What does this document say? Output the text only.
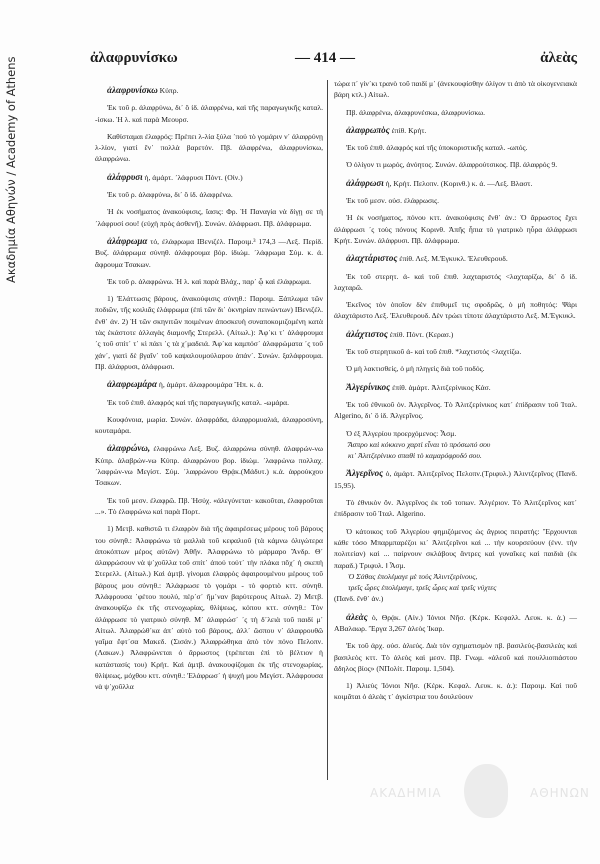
Ακαδημία Αθηνών / Academy of Athens	ἀλαφρυνίσκω	— 414 —	ἀλεὰς
ἀλαφρυνίσκω Κύπρ.
Ἐκ τοῦ ρ. ἀλαφρύνω, δι᾿ ὃ ἰδ. ἀλαφρένω, καὶ τῆς παραγωγικῆς καταλ. -ίσκω. Ἡ λ. καὶ παρὰ Μεουρσ.
Καθίσταμαι ἐλαφρός: Πρέπει λ-λία ξύλα ᾽πού τὸ γομάριν ν᾿ ἀλαφρύνῃ λ-λίον, γιατί ἔν᾿ πολλὰ βαρετόν. Πβ. ἀλαφρένω, ἀλαφρυνίσκω, ἀλαφρώνω.
ἀλάφρυσι ἡ, ἀμάρτ. ᾽λάφρυσι Πόντ. (Οἰν.)
Ἐκ τοῦ ρ. ἀλαφρύνω, δι᾿ ὃ ἰδ. ἀλαφρένω.
Ἡ ἐκ νοσήματος ἀνακούφισις, ἴασις: Φρ. Ἡ Παναγία νὰ δίγῃ σε τὴ ᾽λάφρυσί σου! (εὐχὴ πρὸς ἀσθενῆ). Συνών. ἀλάφρωσι. Πβ. ἀλάφρωμα.
ἀλάφρωμα τό, ἐλάφρωμα ΙΒενιζέλ. Παροιμ.³ 174,3 —Λεξ. Περίδ. Βυζ. ἀλάφρωμα σύνηθ. ἀλάφρουμα βόρ. ἰδιώμ. ᾽λάφρωμα Σύμ. κ. ἀ. ἄφρουμα Τσακων.
Ἐκ τοῦ ρ. ἀλαφρώνω. Ἡ λ. καὶ παρὰ Βλάχ., παρ᾿ ᾧ καὶ ἐλάφρωμα.
1) Ἐλάττωσις βάρους, ἀνακούφισις σύνηθ.: Παροιμ. Ξάπλωμα τῶν ποδιῶν, τῆς κοιλιᾶς ἐλάφρωμα (ἐπὶ τῶν δι᾿ ὀκνηρίαν πεινώντων) ΙΒενιζέλ. ἔνθ᾿ ἀν. 2) Ἡ τῶν σκηνιτῶν ποιμένων ἀποσκευὴ συναποκομιζομένη κατὰ τὰς ἑκάστοτε ἀλλαγὰς διαμονῆς Στερελλ. (Αἰτωλ.): Ἀφ᾿κι τ᾿ ἀλάφρουμα ᾽ς τοῦ σπίτ᾿ τ᾿ κὶ πάει ᾽ς τὰ χ᾿μαδειά. Ἀφ᾿κα καμπόσ᾿ ἀλαφρώματα ᾽ς τοῦ χάν᾿, γιατὶ δὲ βγαῖν᾿ τοῦ καψαλουμούλαρου ἀπάν᾿. Συνών. ξαλάφρουμα. Πβ. ἀλάφρυσι, ἀλάφρωσι.
ἀλαφρωμάρα ἡ, ἀμάρτ. ἀλαφρουμάρα Ἤπ. κ. ἀ.
Ἐκ τοῦ ἐπιθ. ἀλαφρός καὶ τῆς παραγωγικῆς καταλ. -ωμάρα.
Κουφόνοια, μωρία. Συνών. ἀλαφράδα, ἀλαφρομυαλιά, ἀλαφροσύνη, κουταμάρα.
ἀλαφρώνω, ἐλαφρώνω Λεξ. Βυζ. ἀλαφρώνω σύνηθ. ἀλαφρών-νω Κύπρ. ἀλαβρών-νω Κύπρ. ἀλαφρώνου βορ. ἰδιώμ. ᾽λαφρώνω πολλαχ. ᾽λαφρών-νω Μεγίστ. Σύμ. ᾽λαφρώνου Θρᾴκ.(Μάδυτ.) κ.ἀ. ἀφρούκχου Τσακων.
Ἐκ τοῦ μεσν. ἐλαφρῶ. Πβ. Ἡσύχ. «ἀλεγύνεται· κακοῦται, ἐλαφροῦται ...». Τὸ ἐλαφρώνω καὶ παρὰ Πορτ.
1) Μετβ. καθιστῶ τι ἐλαφρὸν διὰ τῆς ἀφαιρέσεως μέρους τοῦ βάρους του σύνηθ.: Ἀλαφρώνω τὰ μαλλιὰ τοῦ κεφαλιοῦ (τὰ κάμνω ὀλιγώτερα ἀποκόπτων μέρος αὐτῶν) Ἀθῆν. Ἀλαφρώνω τὸ μάρμαρο Ἄνδρ. Θ᾿ ἀλαφρώσουν νὰ ψ᾿χοῦλλα τοῦ σπίτ᾿ ἀπού τούτ᾿ τὴν πλάκα πὄχ᾿ ἡ σκεπὴ Στερελλ. (Αἰτωλ.) Καὶ ἀμτβ. γίνομαι ἐλαφρὸς ἀφαιρουμένου μέρους τοῦ βάρους μου σύνηθ.: Ἀλάφρωσε τὸ γομάρι - τὸ φορτιὸ κττ. σύνηθ. Ἀλάφρουσα ᾽φέτου πουλύ, πέρ᾿σ᾿ ἤμ᾿ναν βαρύτερους Αἰτωλ. 2) Μετβ. ἀνακουφίζω ἐκ τῆς στενοχωρίας, θλίψεως, κόπου κττ. σύνηθ.: Τὸν ἀλάφρωσε τὸ γιατρικὸ σύνηθ. Μ᾿ ἀλαφρώσ᾿ ᾽ς τὴ δ᾿λειὰ τοῦ παιδί μ᾿ Αἰτωλ. Ἀλαφρώθ᾿κα ἀπ᾿ αὐτὸ τοῦ βάρους, ἀλλ᾿ ὥσπου ν᾿ ἀλαφρουθῶ γαῖμα ἔφτ᾿σα Μακεδ. (Σισάν.) Ἀλαφρώθηκα ἀπὸ τὸν πόνο Πελοπν. (Λακων.) Ἀλαφρώνεται ὁ ἄρρωστος (τρέπεται ἐπὶ τὸ βέλτιον ἡ κατάστασίς του) Κρήτ. Καὶ ἀμτβ. ἀνακουφίζομαι ἐκ τῆς στενοχωρίας, θλίψεως, μόχθου κττ. σύνηθ.: Ἐλάφρωσ᾿ ἡ ψυχή μου Μεγίστ. Ἀλάφρουσα νὰ ψ᾿χοῦλλα
τώρα π᾿ γίν᾿κι τρανὸ τοῦ παιδί μ᾿ (ἀνεκουφίσθην ὀλίγον τι ἀπὸ τὰ οἰκογενειακὰ βάρη κτλ.) Αἰτωλ.
Πβ. ἀλαφρένω, ἀλαφρυνέσκω, ἀλαφρυνίσκω.
ἀλαφρωπὸς ἐπίθ. Κρήτ.
Ἐκ τοῦ ἐπιθ. ἀλαφρός καὶ τῆς ὑποκοριστικῆς καταλ. -ωπός.
Ὁ ὀλίγον τι μωρός, ἀνόητος. Συνών. ἀλαφρούτσικος. Πβ. ἀλαφρός 9.
ἀλάφρωσι ἡ, Κρήτ. Πελοπν. (Κορινθ.) κ. ἀ. —Λεξ. Βλαστ.
Ἐκ τοῦ μεσν. οὐσ. ἐλάφρωσις.
Ἡ ἐκ νοσήματος, πόνου κττ. ἀνακούφισις ἔνθ᾿ ἀν.: Ὁ ἄρρωστος ἔχει ἀλάφρωσι ᾽ς τοὺς πόνους Κορινθ. Ἀπῆς ἧπια τὸ γιατρικὸ ηὗρα ἀλάφρωσι Κρήτ. Συνών. ἀλάφρυσι. Πβ. ἀλάφρωμα.
ἀλαχτάριστος ἐπίθ. Λεξ. Μ.Ἐγκυκλ. Ἐλευθερουδ.
Ἐκ τοῦ στερητ. ἀ- καὶ τοῦ ἐπιθ. λαχταριστός <λαχταρίζω, δι᾿ ὃ ἰδ. λαχταρῶ.
Ἐκεῖνος τὸν ὁποῖον δὲν ἐπιθυμεῖ τις σφοδρῶς, ὁ μὴ ποθητός: Ψάρι ἀλαχτάριστο Λεξ. Ἐλευθερουδ. Δὲν τρώει τίποτε ἀλαχτάριστο Λεξ. Μ.Ἐγκυκλ.
ἀλάχτιστος ἐπίθ. Πόντ. (Κερασ.)
Ἐκ τοῦ στερητικοῦ ἀ- καὶ τοῦ ἐπιθ. *λαχτιστός <λαχτίζω.
Ὁ μὴ λακτισθείς, ὁ μὴ πληγεὶς διὰ τοῦ ποδός.
Ἀλγερίνικος ἐπίθ. ἀμάρτ. Ἀλιτζερίνικος Κάσ.
Ἐκ τοῦ ἐθνικοῦ ὀν. Ἀλγερῖνος. Τὸ Ἀλιτζερίνικος κατ᾿ ἐπίδρασιν τοῦ Ἰταλ. Algerino, δι᾿ ὃ ἰδ. Ἀλγερῖνος.
Ὁ ἐξ Ἀλγερίου προερχόμενος: Ἆσμ.
Ἄσπρο καὶ κόκκινο χαρτὶ εἶναι τὸ πρόσωπό σου
κι᾿ Ἀλιτζερίνικο σπαθὶ τὸ καμαρόφρυδό σου.
Ἀλγερῖνος ὁ, ἀμάρτ. Ἀλιτζερῖνος Πελοπν.(Τριφυλ.) Ἀλιντζερῖνος (Πανδ. 15,95).
Τὸ ἐθνικὸν ὄν. Ἀλγερῖνος ἐκ τοῦ τοπων. Ἀλγέριον. Τὸ Ἀλιτζερῖνος κατ᾿ ἐπίδρασιν τοῦ Ἰταλ. Algerino.
Ὁ κάτοικος τοῦ Ἀλγερίου φημιζόμενος ὡς ἄγριος πειρατής: Ἔρχουνται κάθε τόσο Μπαρμπαρέζοι κι᾿ Ἀλιτζερῖνοι καὶ ... τὴν κουρσεύουν (ἐνν. τὴν πολιτείαν) καὶ ... παίρνουν σκλάβους ἄντρες καὶ γυναῖκες καὶ παιδιὰ (ἐκ παραδ.) Τριφυλ. ‖ Ἆσμ.
Ὁ Σάθας ἐπολέμαγε μὲ τοὺς Ἀλιντζερίνους,
τρεῖς ὧρες ἐπολέμαγε, τρεῖς ὧρες καὶ τρεῖς νύχτες
(Πανδ. ἔνθ᾿ ἀν.)
ἀλεὰς ὁ, Θρᾴκ. (Αἰν.) Ἰόνιοι Νῆσ. (Κέρκ. Κεφαλλ. Λευκ. κ. ἀ.) —ΑΒαλαωρ. Ἔργα 3,267 ἀλεὸς Ἰκαρ.
Ἐκ τοῦ ἀρχ. οὐσ. ἁλιεύς. Διὰ τὸν σχηματισμὸν πβ. βασιλεὺς-βασιλεὰς καὶ βασιλεὸς κττ. Τὸ ἀλεὸς καὶ μεσν. Πβ. Γνωμ. «ἀλεοῦ καὶ πουλλιοπιάστου ἄδηλος βίος» (ΝΠολίτ. Παροιμ. 1,504).
1) Ἁλιεὺς Ἰόνιοι Νῆσ. (Κέρκ. Κεφαλ. Λευκ. κ. ἀ.): Παροιμ. Καὶ ποῦ κοιμᾶται ὁ ἀλεὰς τ᾿ ἀγκίστρια του δουλεύουν
ΑΚΑΔΗΜΙΑ	ΑΘΗΝΩΝ
